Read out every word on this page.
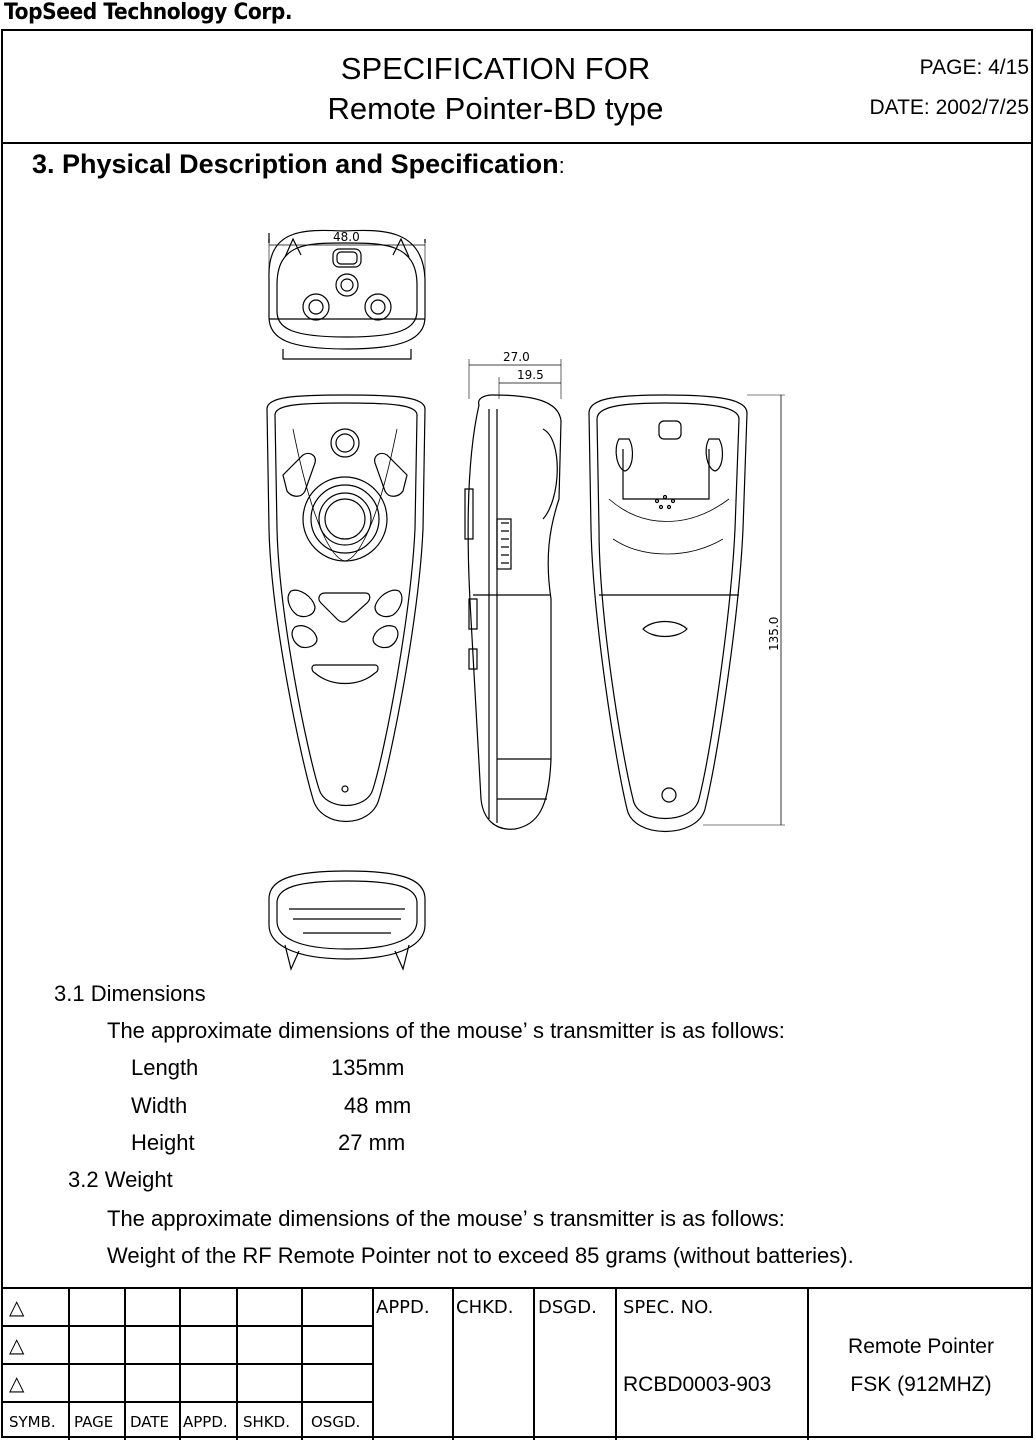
TopSeed Technology Corp.
SPECIFICATION FOR
Remote Pointer-BD type
PAGE: 4/15
DATE: 2002/7/25
3. Physical Description and Specification:
48.0
27.0
19.5
135.0
3.1 Dimensions
The approximate dimensions of the mouse’ s transmitter is as follows:
Length	135mm
Width	48 mm
Height	27 mm
3.2 Weight
The approximate dimensions of the mouse’ s transmitter is as follows:
Weight of the RF Remote Pointer not to exceed 85 grams (without batteries).
△
△
△
SYMB. PAGE DATE APPD. SHKD. OSGD.
APPD. CHKD. DSGD. SPEC. NO.
RCBD0003-903
Remote Pointer
FSK (912MHZ)
